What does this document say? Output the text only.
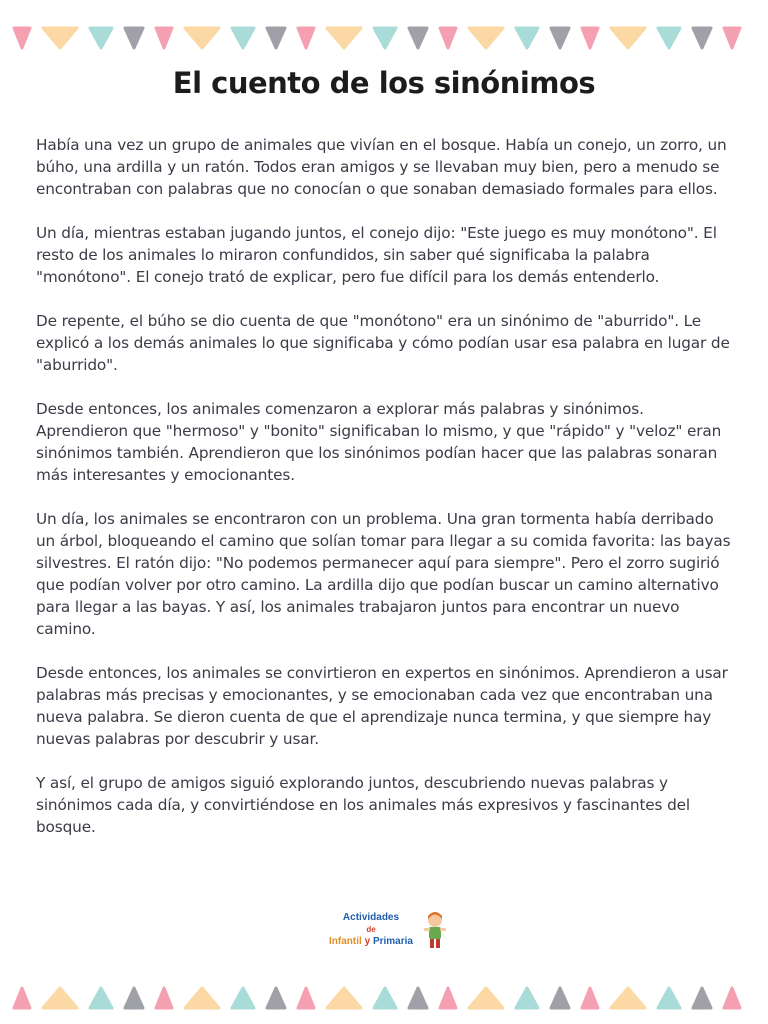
El cuento de los sinónimos

Había una vez un grupo de animales que vivían en el bosque. Había un conejo, un zorro, un búho, una ardilla y un ratón. Todos eran amigos y se llevaban muy bien, pero a menudo se encontraban con palabras que no conocían o que sonaban demasiado formales para ellos.

Un día, mientras estaban jugando juntos, el conejo dijo: "Este juego es muy monótono". El resto de los animales lo miraron confundidos, sin saber qué significaba la palabra "monótono". El conejo trató de explicar, pero fue difícil para los demás entenderlo.

De repente, el búho se dio cuenta de que "monótono" era un sinónimo de "aburrido". Le explicó a los demás animales lo que significaba y cómo podían usar esa palabra en lugar de "aburrido".

Desde entonces, los animales comenzaron a explorar más palabras y sinónimos. Aprendieron que "hermoso" y "bonito" significaban lo mismo, y que "rápido" y "veloz" eran sinónimos también. Aprendieron que los sinónimos podían hacer que las palabras sonaran más interesantes y emocionantes.

Un día, los animales se encontraron con un problema. Una gran tormenta había derribado un árbol, bloqueando el camino que solían tomar para llegar a su comida favorita: las bayas silvestres. El ratón dijo: "No podemos permanecer aquí para siempre". Pero el zorro sugirió que podían volver por otro camino. La ardilla dijo que podían buscar un camino alternativo para llegar a las bayas. Y así, los animales trabajaron juntos para encontrar un nuevo camino.

Desde entonces, los animales se convirtieron en expertos en sinónimos. Aprendieron a usar palabras más precisas y emocionantes, y se emocionaban cada vez que encontraban una nueva palabra. Se dieron cuenta de que el aprendizaje nunca termina, y que siempre hay nuevas palabras por descubrir y usar.

Y así, el grupo de amigos siguió explorando juntos, descubriendo nuevas palabras y sinónimos cada día, y convirtiéndose en los animales más expresivos y fascinantes del bosque.

Actividades
de
Infantil y Primaria
